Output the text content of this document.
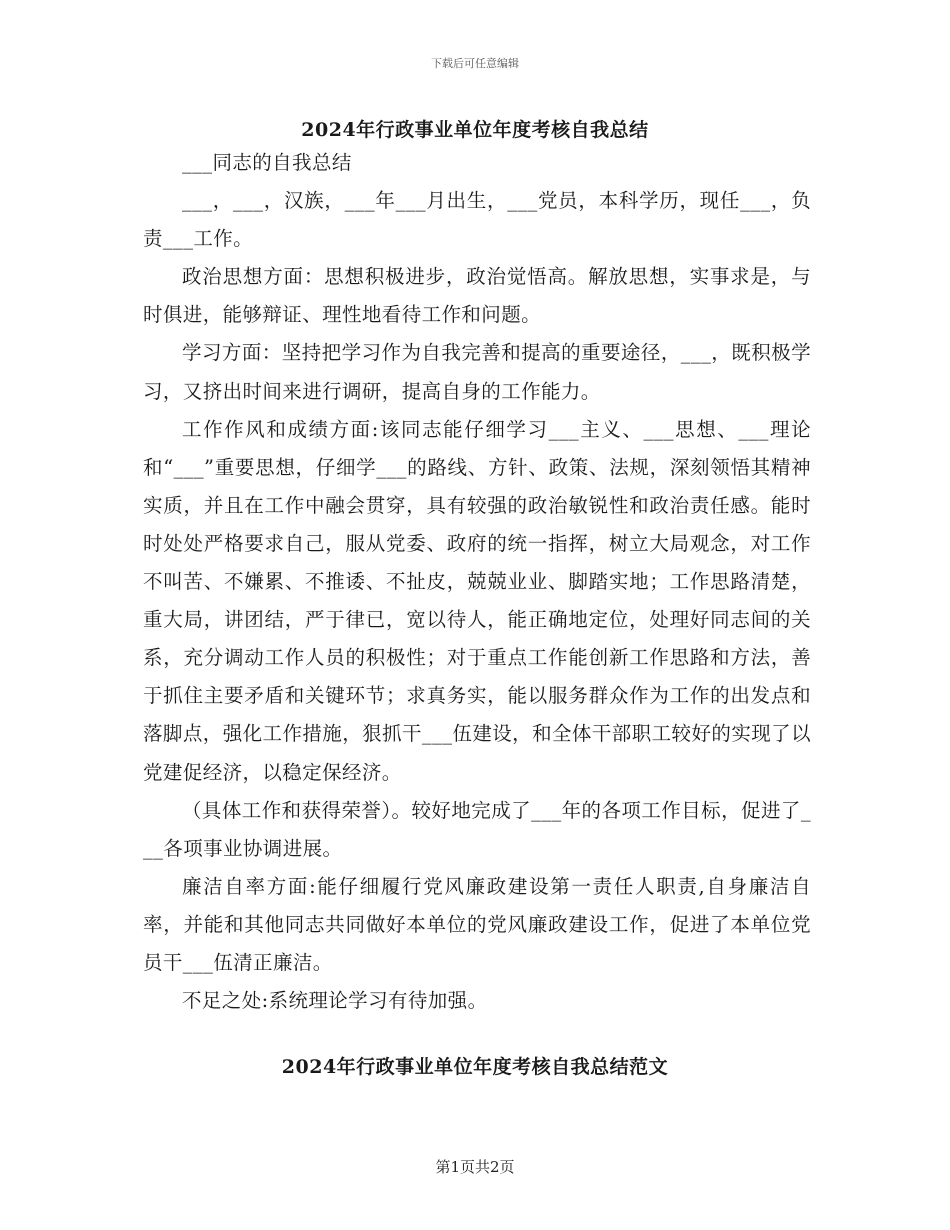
下载后可任意编辑
2024年行政事业单位年度考核自我总结

___同志的自我总结

___，___，汉族，___年___月出生，___党员，本科学历，现任___，负责___工作。

政治思想方面：思想积极进步，政治觉悟高。解放思想，实事求是，与时俱进，能够辩证、理性地看待工作和问题。

学习方面：坚持把学习作为自我完善和提高的重要途径，___，既积极学习，又挤出时间来进行调研，提高自身的工作能力。

工作作风和成绩方面:该同志能仔细学习___主义、___思想、___理论和“___”重要思想，仔细学___的路线、方针、政策、法规，深刻领悟其精神实质，并且在工作中融会贯穿，具有较强的政治敏锐性和政治责任感。能时时处处严格要求自己，服从党委、政府的统一指挥，树立大局观念，对工作不叫苦、不嫌累、不推诿、不扯皮，兢兢业业、脚踏实地；工作思路清楚，重大局，讲团结，严于律已，宽以待人，能正确地定位，处理好同志间的关系，充分调动工作人员的积极性；对于重点工作能创新工作思路和方法，善于抓住主要矛盾和关键环节；求真务实，能以服务群众作为工作的出发点和落脚点，强化工作措施，狠抓干___伍建设，和全体干部职工较好的实现了以党建促经济，以稳定保经济。

（具体工作和获得荣誉）。较好地完成了___年的各项工作目标，促进了___各项事业协调进展。

廉洁自率方面:能仔细履行党风廉政建设第一责任人职责,自身廉洁自率，并能和其他同志共同做好本单位的党风廉政建设工作，促进了本单位党员干___伍清正廉洁。

不足之处:系统理论学习有待加强。

2024年行政事业单位年度考核自我总结范文
第1页共2页
